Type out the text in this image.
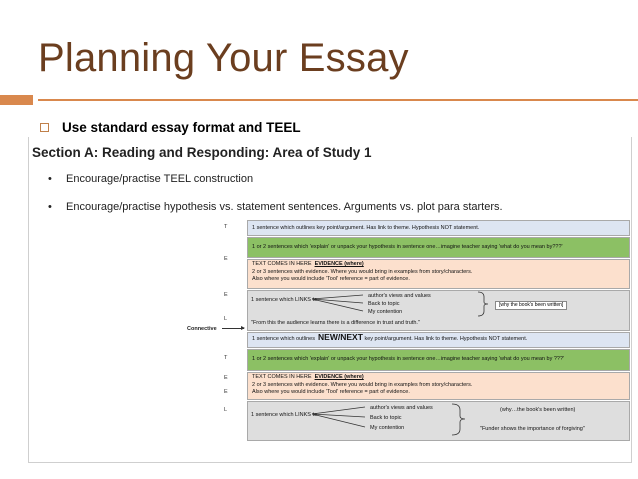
Planning Your Essay
Use standard essay format and TEEL
Section A: Reading and Responding: Area of Study 1
•	Encourage/practise TEEL construction
•	Encourage/practise hypothesis vs. statement sentences. Arguments vs. plot para starters.
T
E
E
L
T
E
E
L
1 sentence which outlines key point/argument. Has link to theme. Hypothesis NOT statement.
1 or 2 sentences which 'explain' or unpack your hypothesis in sentence one…imagine teacher saying 'what do you mean by???'
TEXT COMES IN HERE EVIDENCE (where)
2 or 3 sentences with evidence. Where you would bring in examples from story/characters.
Also where you would include 'Tool' reference = part of evidence.
1 sentence which LINKS to
author's views and values
Back to topic
My contention
[why the book's been written]
"From this the audience learns there is a difference in trust and truth."
Connective
1 sentence which outlines NEW/NEXT key point/argument. Has link to theme. Hypothesis NOT statement.
1 or 2 sentences which 'explain' or unpack your hypothesis in sentence one…imagine teacher saying 'what do you mean by ???'
TEXT COMES IN HERE EVIDENCE (where)
2 or 3 sentences with evidence. Where you would bring in examples from story/characters.
Also where you would include 'Tool' reference = part of evidence.
1 sentence which LINKS to
author's views and values
Back to topic
My contention
(why…the book's been written)
"Funder shows the importance of forgiving"
